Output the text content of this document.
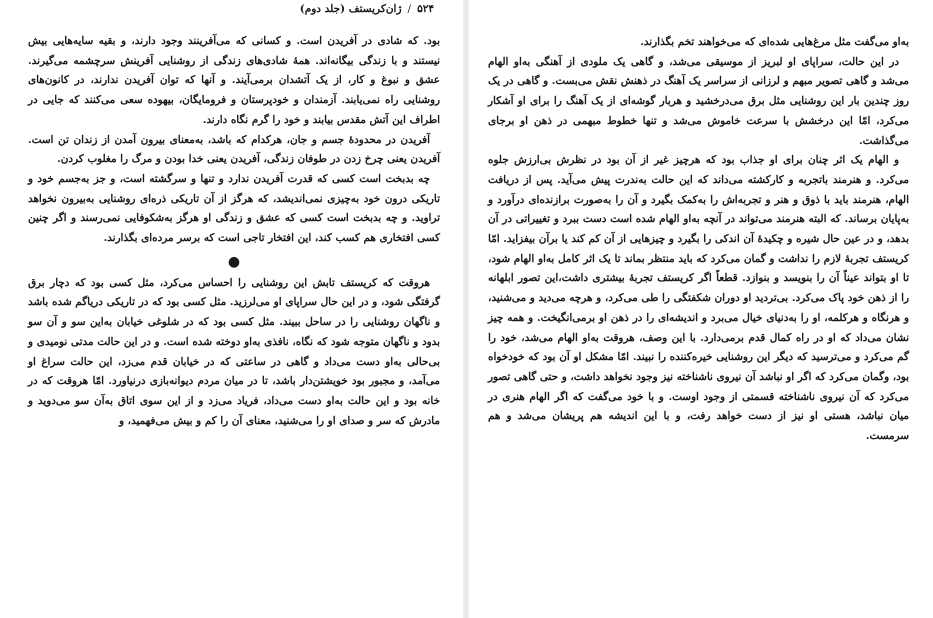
۵۲۴
/
ژان‌کریستف (جلد دوم)

بود. که شادی در آفریدن است. و کسانی که می‌آفرینند وجود دارند، و بقیه سایه‌هایی بیش نیستند و با زندگی بیگانه‌اند. همهٔ شادی‌های زندگی از روشنایی آفرینش سرچشمه می‌گیرند. عشق و نبوغ و کار، از یک آتشدان برمی‌آیند. و آنها که توان آفریدن ندارند، در کانون‌های روشنایی راه نمی‌یابند. آزمندان و خودپرستان و فرومایگان، بیهوده سعی می‌کنند که جایی در اطراف این آتش مقدس بیابند و خود را گرم نگاه دارند.

آفریدن در محدودهٔ جسم و جان، هرکدام که باشد، به‌معنای بیرون آمدن از زندان تن است. آفریدن یعنی چرخ زدن در طوفان زندگی، آفریدن یعنی خدا بودن و مرگ را مغلوب کردن.

چه بدبخت است کسی که قدرت آفریدن ندارد و تنها و سرگشته است، و جز به‌جسم خود و تاریکی درون خود به‌چیزی نمی‌اندیشد، که هرگز از آن تاریکی ذره‌ای روشنایی به‌بیرون نخواهد تراوید. و چه بدبخت است کسی که عشق و زندگی او هرگز به‌شکوفایی نمی‌رسند و اگر چنین کسی افتخاری هم کسب کند، این افتخار تاجی است که برسر مرده‌ای بگذارند.

●

هروقت که کریستف تابش این روشنایی را احساس می‌کرد، مثل کسی بود که دچار برق گرفتگی شود، و در این حال سراپای او می‌لرزید. مثل کسی بود که در تاریکی دریاگم شده باشد و ناگهان روشنایی را در ساحل ببیند. مثل کسی بود که در شلوغی خیابان به‌این سو و آن سو بدود و ناگهان متوجه شود که نگاه، نافذی به‌او دوخته شده است. و در این حالت مدتی نومیدی و بی‌حالی به‌او دست می‌داد و گاهی در ساعتی که در خیابان قدم می‌زد، این حالت سراغ او می‌آمد، و مجبور بود خویشتن‌دار باشد، تا در میان مردم دیوانه‌بازی درنیاورد. امّا هروقت که در خانه بود و این حالت به‌او دست می‌داد، فریاد می‌زد و از این سوی اتاق به‌آن سو می‌دوید و مادرش که سر و صدای او را می‌شنید، معنای آن را کم و بیش می‌فهمید، و

به‌او می‌گفت مثل مرغ‌هایی شده‌ای که می‌خواهند تخم بگذارند.

در این حالت، سراپای او لبریز از موسیقی می‌شد، و گاهی یک ملودی از آهنگی به‌او الهام می‌شد و گاهی تصویر مبهم و لرزانی از سراسر یک آهنگ در ذهنش نقش می‌بست. و گاهی در یک روز چندین بار این روشنایی مثل برق می‌درخشید و هربار گوشه‌ای از یک آهنگ را برای او آشکار می‌کرد، امّا این درخشش با سرعت خاموش می‌شد و تنها خطوط مبهمی در ذهن او برجای می‌گذاشت.

و الهام یک اثر چنان برای او جذاب بود که هرچیز غیر از آن بود در نظرش بی‌ارزش جلوه می‌کرد. و هنرمند باتجربه و کارکشته می‌داند که این حالت به‌ندرت پیش می‌آید. پس از دریافت الهام، هنرمند باید با ذوق و هنر و تجربه‌اش را به‌کمک بگیرد و آن را به‌صورت برازنده‌ای درآورد و به‌پایان برساند. که البته هنرمند می‌تواند در آنچه به‌او الهام شده است دست ببرد و تغییراتی در آن بدهد، و در عین حال شیره و چکیدهٔ آن اندکی را بگیرد و چیزهایی از آن کم کند یا برآن بیفزاید. امّا کریستف تجربهٔ لازم را نداشت و گمان می‌کرد که باید منتظر بماند تا یک اثر کامل به‌او الهام شود، تا او بتواند عیناً آن را بنویسد و بنوازد. قطعاً اگر کریستف تجربهٔ بیشتری داشت،این تصور ابلهانه را از ذهن خود پاک می‌کرد. بی‌تردید او دوران شکفتگی را طی می‌کرد، و هرچه می‌دید و می‌شنید، و هرنگاه و هرکلمه، او را به‌دنیای خیال می‌برد و اندیشه‌ای را در ذهن او برمی‌انگیخت. و همه چیز نشان می‌داد که او در راه کمال قدم برمی‌دارد. با این وصف، هروقت به‌او الهام می‌شد، خود را گم می‌کرد و می‌ترسید که دیگر این روشنایی خیره‌کننده را نبیند. امّا مشکل او آن بود که خودخواه بود، وگمان می‌کرد که اگر او نباشد آن نیروی ناشناخته نیز وجود نخواهد داشت، و حتی گاهی تصور می‌کرد که آن نیروی ناشناخته قسمتی از وجود اوست. و با خود می‌گفت که اگر الهام هنری در میان نباشد، هستی او نیز از دست خواهد رفت، و با این اندیشه هم پریشان می‌شد و هم سرمست.
